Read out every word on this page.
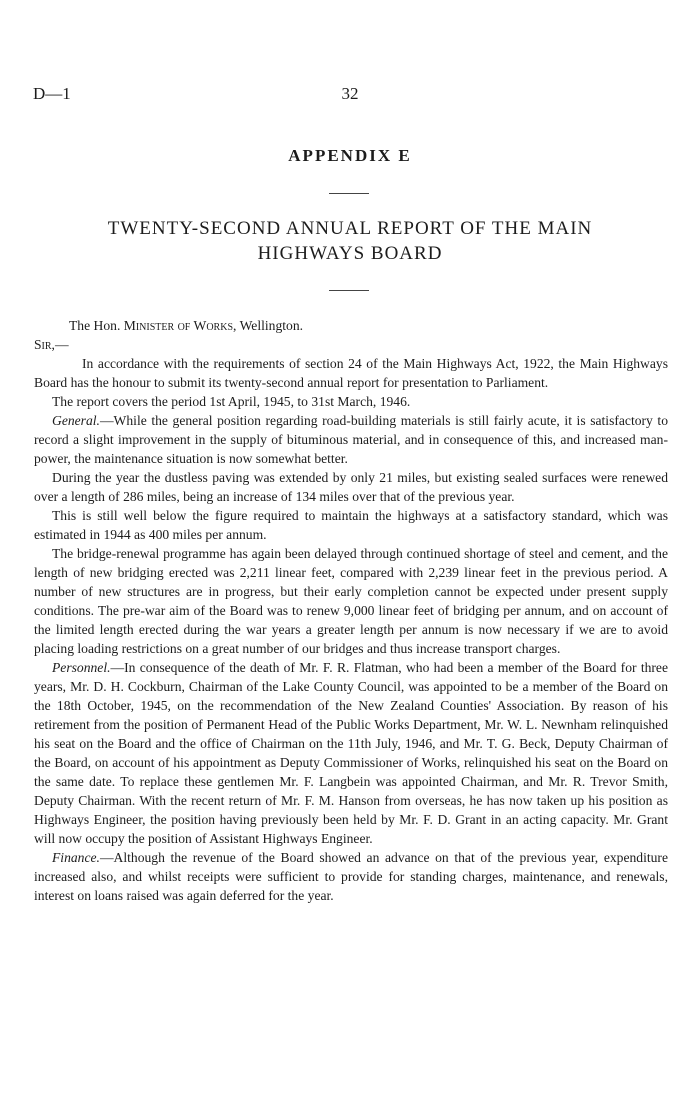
D—1	32
APPENDIX E
TWENTY-SECOND ANNUAL REPORT OF THE MAIN HIGHWAYS BOARD

The Hon. Minister of Works, Wellington.

Sir,—

In accordance with the requirements of section 24 of the Main Highways Act, 1922, the Main Highways Board has the honour to submit its twenty-second annual report for presentation to Parliament.

The report covers the period 1st April, 1945, to 31st March, 1946.

General.—While the general position regarding road-building materials is still fairly acute, it is satisfactory to record a slight improvement in the supply of bituminous material, and in consequence of this, and increased man-power, the maintenance situation is now somewhat better.

During the year the dustless paving was extended by only 21 miles, but existing sealed surfaces were renewed over a length of 286 miles, being an increase of 134 miles over that of the previous year.

This is still well below the figure required to maintain the highways at a satisfactory standard, which was estimated in 1944 as 400 miles per annum.

The bridge-renewal programme has again been delayed through continued shortage of steel and cement, and the length of new bridging erected was 2,211 linear feet, compared with 2,239 linear feet in the previous period. A number of new structures are in progress, but their early completion cannot be expected under present supply conditions. The pre-war aim of the Board was to renew 9,000 linear feet of bridging per annum, and on account of the limited length erected during the war years a greater length per annum is now necessary if we are to avoid placing loading restrictions on a great number of our bridges and thus increase transport charges.

Personnel.—In consequence of the death of Mr. F. R. Flatman, who had been a member of the Board for three years, Mr. D. H. Cockburn, Chairman of the Lake County Council, was appointed to be a member of the Board on the 18th October, 1945, on the recommendation of the New Zealand Counties' Association. By reason of his retirement from the position of Permanent Head of the Public Works Department, Mr. W. L. Newnham relinquished his seat on the Board and the office of Chairman on the 11th July, 1946, and Mr. T. G. Beck, Deputy Chairman of the Board, on account of his appointment as Deputy Commissioner of Works, relinquished his seat on the Board on the same date. To replace these gentlemen Mr. F. Langbein was appointed Chairman, and Mr. R. Trevor Smith, Deputy Chairman. With the recent return of Mr. F. M. Hanson from overseas, he has now taken up his position as Highways Engineer, the position having previously been held by Mr. F. D. Grant in an acting capacity. Mr. Grant will now occupy the position of Assistant Highways Engineer.

Finance.—Although the revenue of the Board showed an advance on that of the previous year, expenditure increased also, and whilst receipts were sufficient to provide for standing charges, maintenance, and renewals, interest on loans raised was again deferred for the year.
